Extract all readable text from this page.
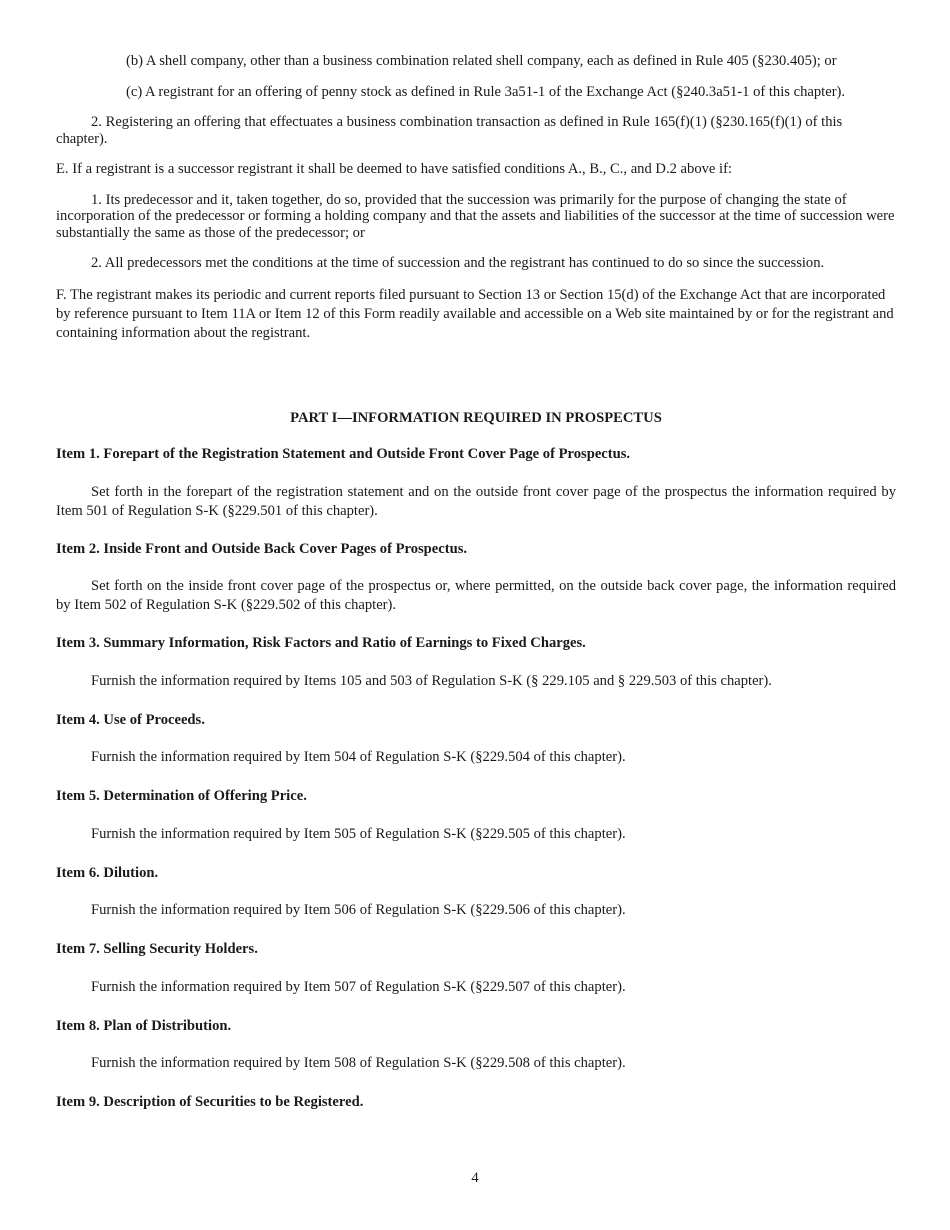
(b) A shell company, other than a business combination related shell company, each as defined in Rule 405 (§230.405); or

(c) A registrant for an offering of penny stock as defined in Rule 3a51-1 of the Exchange Act (§240.3a51-1 of this chapter).

2. Registering an offering that effectuates a business combination transaction as defined in Rule 165(f)(1) (§230.165(f)(1) of this chapter).

E. If a registrant is a successor registrant it shall be deemed to have satisfied conditions A., B., C., and D.2 above if:

1. Its predecessor and it, taken together, do so, provided that the succession was primarily for the purpose of changing the state of incorporation of the predecessor or forming a holding company and that the assets and liabilities of the successor at the time of succession were substantially the same as those of the predecessor; or

2. All predecessors met the conditions at the time of succession and the registrant has continued to do so since the succession.

F. The registrant makes its periodic and current reports filed pursuant to Section 13 or Section 15(d) of the Exchange Act that are incorporated by reference pursuant to Item 11A or Item 12 of this Form readily available and accessible on a Web site maintained by or for the registrant and containing information about the registrant.

PART I—INFORMATION REQUIRED IN PROSPECTUS

Item 1. Forepart of the Registration Statement and Outside Front Cover Page of Prospectus.

Set forth in the forepart of the registration statement and on the outside front cover page of the prospectus the information required by Item 501 of Regulation S-K (§229.501 of this chapter).

Item 2. Inside Front and Outside Back Cover Pages of Prospectus.

Set forth on the inside front cover page of the prospectus or, where permitted, on the outside back cover page, the information required by Item 502 of Regulation S-K (§229.502 of this chapter).

Item 3. Summary Information, Risk Factors and Ratio of Earnings to Fixed Charges.

Furnish the information required by Items 105 and 503 of Regulation S-K (§ 229.105 and § 229.503 of this chapter).

Item 4. Use of Proceeds.

Furnish the information required by Item 504 of Regulation S-K (§229.504 of this chapter).

Item 5. Determination of Offering Price.

Furnish the information required by Item 505 of Regulation S-K (§229.505 of this chapter).

Item 6. Dilution.

Furnish the information required by Item 506 of Regulation S-K (§229.506 of this chapter).

Item 7. Selling Security Holders.

Furnish the information required by Item 507 of Regulation S-K (§229.507 of this chapter).

Item 8. Plan of Distribution.

Furnish the information required by Item 508 of Regulation S-K (§229.508 of this chapter).

Item 9. Description of Securities to be Registered.

4
